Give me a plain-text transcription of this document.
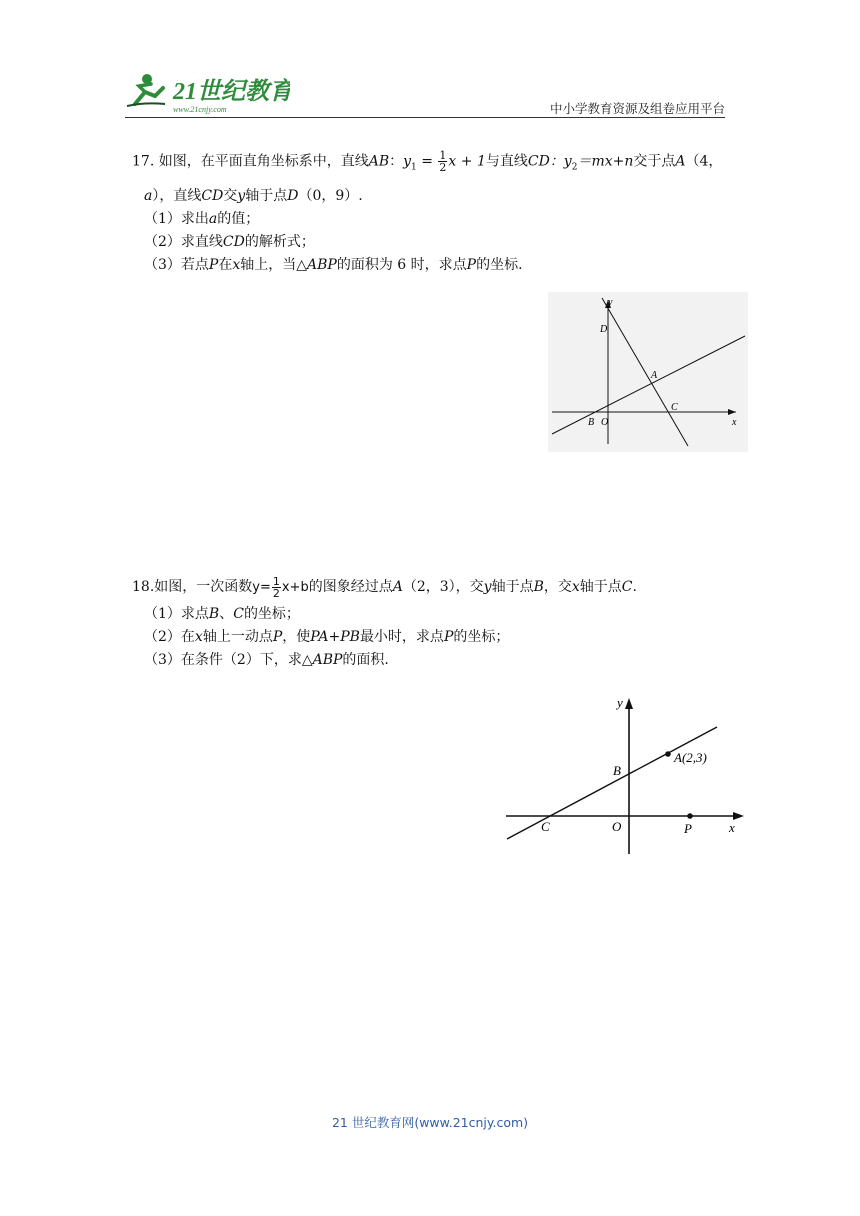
21世纪教育
www.21cnjy.com	中小学教育资源及组卷应用平台

17. 如图，在平面直角坐标系中，直线AB：$y_1 = \frac{1}{2}$ x + 1与直线CD：$y_2=mx+n$交于点A（4，

a），直线CD交y轴于点D（0，9）.

（1）求出a的值；

（2）求直线CD的解析式；

（3）若点P在x轴上，当△ABP的面积为 6 时，求点P的坐标.

y
x
D
A
C
B O

18.如图，一次函数$y= \frac{1}{2} x+b$的图象经过点A（2，3），交y轴于点B，交x轴于点C.

（1）求点B、C的坐标；

（2）在x轴上一动点P，使PA+PB最小时，求点P的坐标；

（3）在条件（2）下，求△ABP的面积.

y
x
A(2,3)
B
C	O	P
21 世纪教育网(www.21cnjy.com)
